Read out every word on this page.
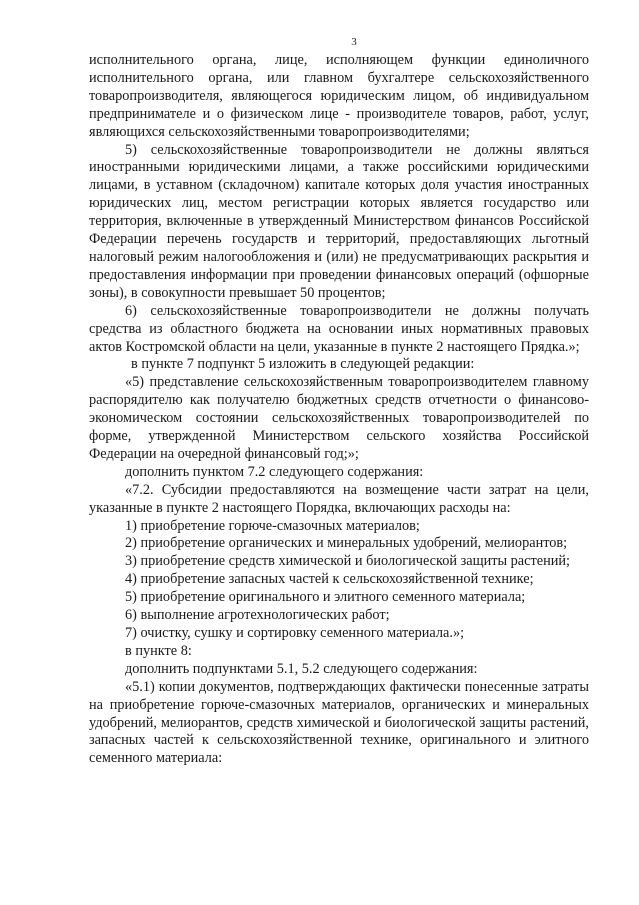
3

исполнительного органа, лице, исполняющем функции единоличного исполнительного органа, или главном бухгалтере сельскохозяйственного товаропроизводителя, являющегося юридическим лицом, об индивидуальном предпринимателе и о физическом лице - производителе товаров, работ, услуг, являющихся сельскохозяйственными товаропроизводителями;

5) сельскохозяйственные товаропроизводители не должны являться иностранными юридическими лицами, а также российскими юридическими лицами, в уставном (складочном) капитале которых доля участия иностранных юридических лиц, местом регистрации которых является государство или территория, включенные в утвержденный Министерством финансов Российской Федерации перечень государств и территорий, предоставляющих льготный налоговый режим налогообложения и (или) не предусматривающих раскрытия и предоставления информации при проведении финансовых операций (офшорные зоны), в совокупности превышает 50 процентов;

6) сельскохозяйственные товаропроизводители не должны получать средства из областного бюджета на основании иных нормативных правовых актов Костромской области на цели, указанные в пункте 2 настоящего Прядка.»;

в пункте 7 подпункт 5 изложить в следующей редакции:

«5) представление сельскохозяйственным товаропроизводителем главному распорядителю как получателю бюджетных средств отчетности о финансово-экономическом состоянии сельскохозяйственных товаропроизводителей по форме, утвержденной Министерством сельского хозяйства Российской Федерации на очередной финансовый год;»;

дополнить пунктом 7.2 следующего содержания:

«7.2. Субсидии предоставляются на возмещение части затрат на цели, указанные в пункте 2 настоящего Порядка, включающих расходы на:

1) приобретение горюче-смазочных материалов;

2) приобретение органических и минеральных удобрений, мелиорантов;

3) приобретение средств химической и биологической защиты растений;

4) приобретение запасных частей к сельскохозяйственной технике;

5) приобретение оригинального и элитного семенного материала;

6) выполнение агротехнологических работ;

7) очистку, сушку и сортировку семенного материала.»;

в пункте 8:

дополнить подпунктами 5.1, 5.2 следующего содержания:

«5.1) копии документов, подтверждающих фактически понесенные затраты на приобретение горюче-смазочных материалов, органических и минеральных удобрений, мелиорантов, средств химической и биологической защиты растений, запасных частей к сельскохозяйственной технике, оригинального и элитного семенного материала:
